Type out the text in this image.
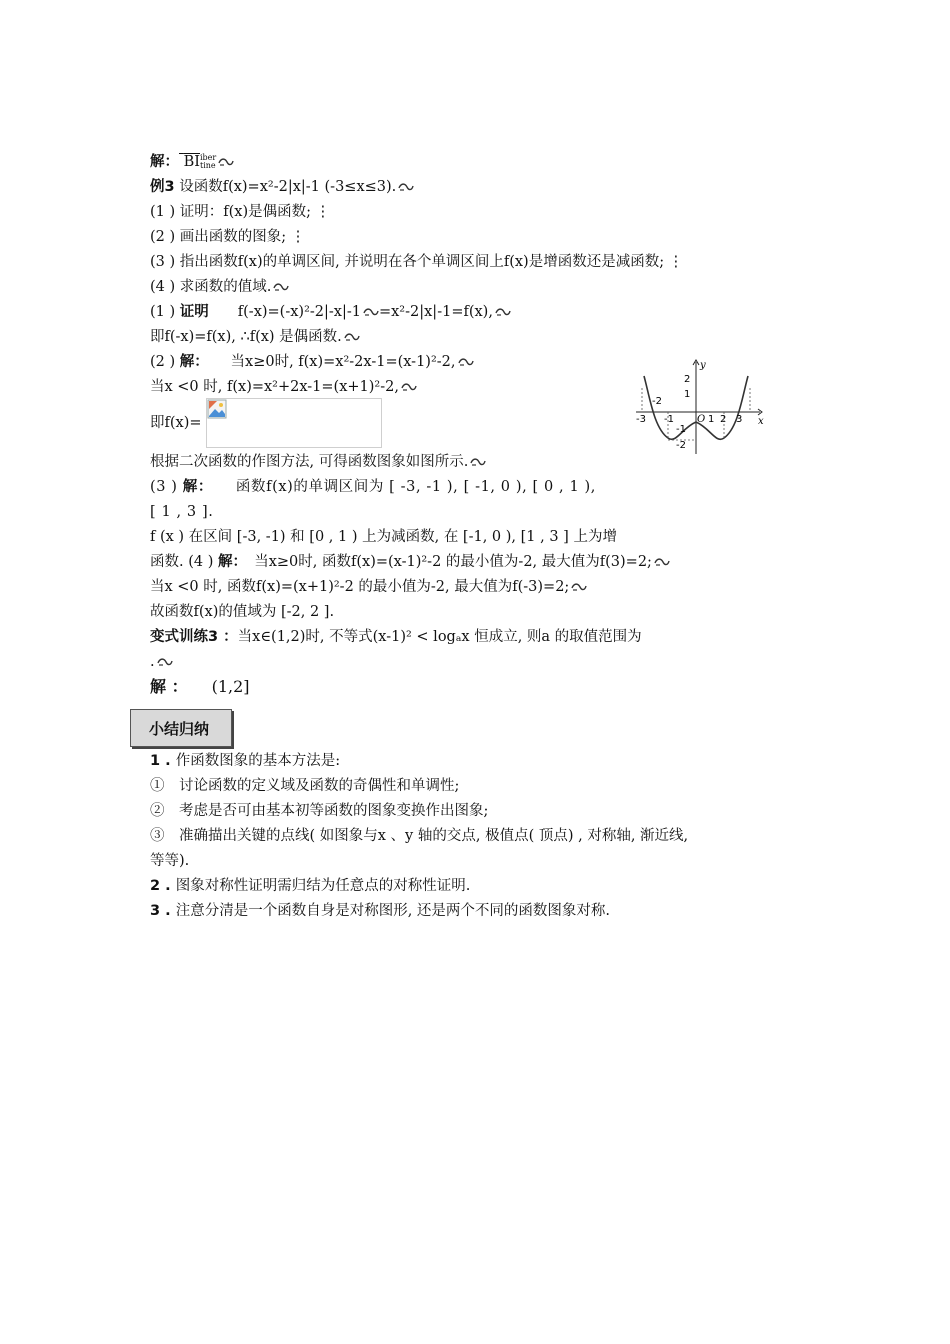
解： BIiber
tine
例3 设函数f(x)=x²-2|x|-1 (-3≤x≤3).
(1 ) 证明：f(x)是偶函数; ⋮
(2 ) 画出函数的图象; ⋮
(3 ) 指出函数f(x)的单调区间, 并说明在各个单调区间上f(x)是增函数还是减函数; ⋮
(4 ) 求函数的值域.
(1 ) 证明　　f(-x)=(-x)²-2|-x|-1 =x²-2|x|-1=f(x),
即f(-x)=f(x), ∴f(x) 是偶函数.
(2 ) 解：　　当x≥0时, f(x)=x²-2x-1=(x-1)²-2,
当x <0 时, f(x)=x²+2x-1=(x+1)²-2,
即f(x)=
y
x
2
1
-1
-2
-2
-3 -1 O 1 2 3
根据二次函数的作图方法, 可得函数图象如图所示.
(3 ) 解：　　函数f(x)的单调区间为 [ -3, -1 ), [ -1, 0 ), [ 0 , 1 ),
[ 1 , 3 ].
f (x ) 在区间 [-3, -1) 和 [0 , 1 ) 上为减函数, 在 [-1, 0 ), [1 , 3 ] 上为增
函数. (4 ) 解：　当x≥0时, 函数f(x)=(x-1)²-2 的最小值为-2, 最大值为f(3)=2;
当x <0 时, 函数f(x)=(x+1)²-2 的最小值为-2, 最大值为f(-3)=2;
故函数f(x)的值域为 [-2, 2 ].
变式训练3 ：当x∈(1,2)时, 不等式(x-1)² < logₐx 恒成立, 则a 的取值范围为
.
解 ：　　(1,2]
小结归纳
1 . 作函数图象的基本方法是:
①　讨论函数的定义域及函数的奇偶性和单调性;
②　考虑是否可由基本初等函数的图象变换作出图象;
③　准确描出关键的点线( 如图象与x 、y 轴的交点, 极值点( 顶点) , 对称轴, 渐近线,
等等).
2 . 图象对称性证明需归结为任意点的对称性证明.
3 . 注意分清是一个函数自身是对称图形, 还是两个不同的函数图象对称.
